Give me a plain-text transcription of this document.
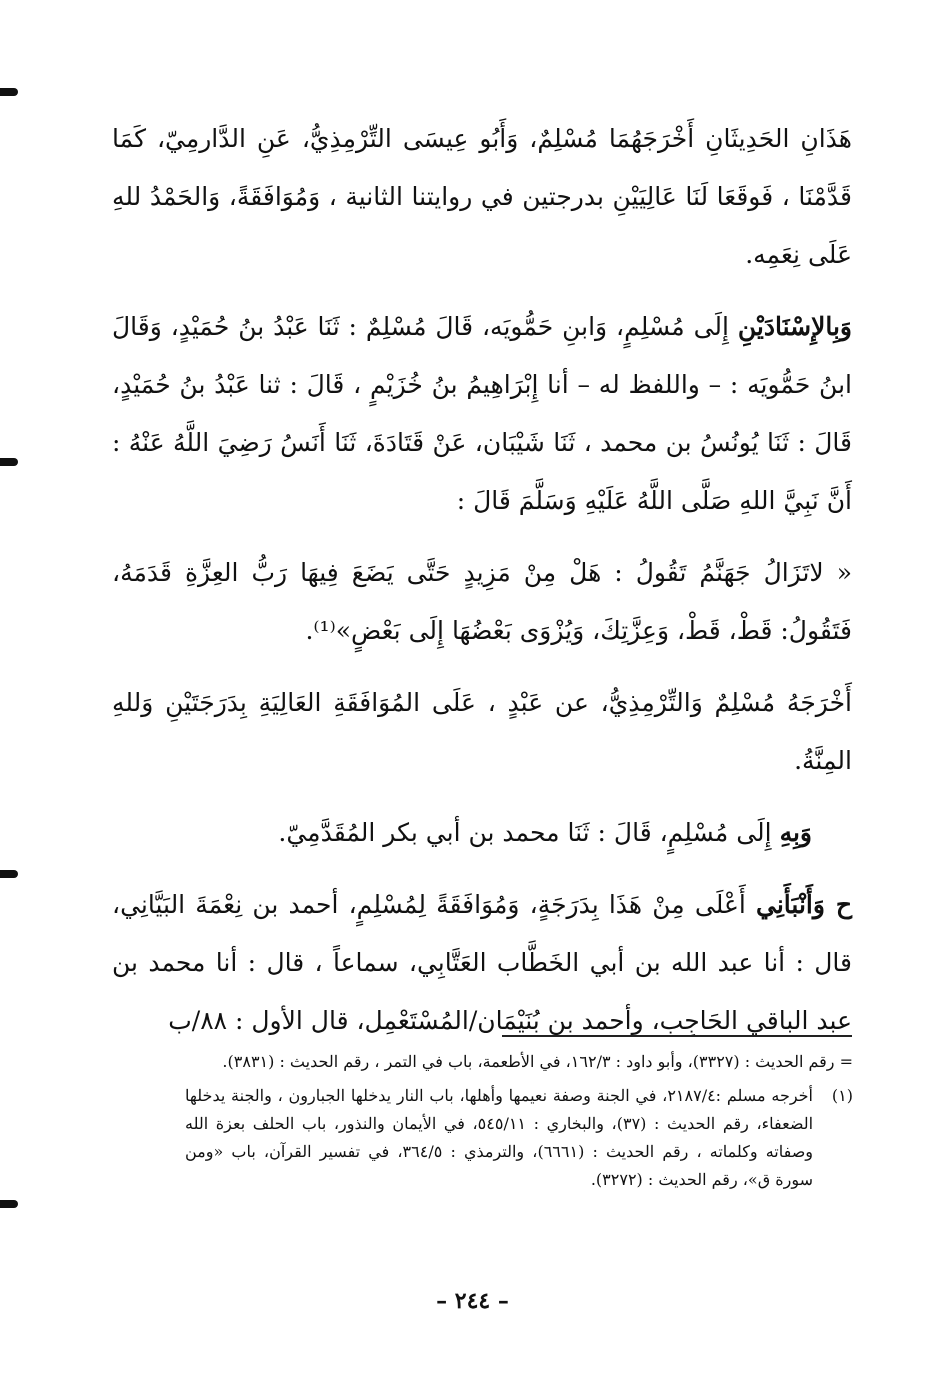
هَذَانِ الحَدِيثَانِ أَخْرَجَهُمَا مُسْلِمٌ، وَأَبُو عِيسَى التِّرْمِذِيُّ، عَنِ الدَّارمِيّ، كَمَا قَدَّمْنَا ، فَوقَعَا لَنَا عَالِيَيْنِ بدرجتين في روايتنا الثانية ، وَمُوَافَقَةً، وَالحَمْدُ للهِ عَلَى نِعَمِه.

وَبِالإِسْنَادَيْنِ إِلَى مُسْلِمٍ، وَابنِ حَمُّويَه، قَالَ مُسْلِمٌ : ثَنَا عَبْدُ بنُ حُمَيْدٍ، وَقَالَ ابنُ حَمُّويَه : – واللفظ له – أنا إِبْرَاهِيمُ بنُ خُزَيْمٍ ، قَالَ : ثنا عَبْدُ بنُ حُمَيْدٍ، قَالَ : ثَنَا يُونُسُ بن محمد ، ثَنَا شَيْبَان، عَنْ قَتَادَةَ، ثَنَا أَنَسُ رَضِيَ اللَّهُ عَنْهُ : أَنَّ نَبِيَّ اللهِ صَلَّى اللَّهُ عَلَيْهِ وَسَلَّمَ قَالَ :

« لاتَزَالُ جَهَنَّمُ تَقُولُ : هَلْ مِنْ مَزِيدٍ حَتَّى يَضَعَ فِيهَا رَبُّ العِزَّةِ قَدَمَهُ، فَتَقُولُ: قَطْ، قَطْ، وَعِزَّتِكَ، وَيُزْوَى بَعْضُهَا إِلَى بَعْضٍ»⁽¹⁾.

أَخْرَجَهُ مُسْلِمٌ وَالتِّرْمِذِيُّ، عن عَبْدٍ ، عَلَى المُوَافَقَةِ العَالِيَةِ بِدَرَجَتَيْنِ وَللهِ المِنَّةُ.

وَبِهِ إِلَى مُسْلِمٍ، قَالَ : ثَنَا محمد بن أبي بكر المُقَدَّمِيّ.

ح وَأَنْبَأَنِي أَعْلَى مِنْ هَذَا بِدَرَجَةٍ، وَمُوَافَقَةً لِمُسْلِمٍ، أحمد بن نِعْمَةَ البَيَّانِي، قال : أنا عبد الله بن أبي الخَطَّاب العَتَّابِي، سماعاً ، قال : أنا محمد بن عبد الباقي الحَاجِب، وأحمد بن بُنَيْمَان/المُسْتَعْمِل، قال الأول : ٨٨/ب

= رقم الحديث : (٣٣٢٧)، وأبو داود : ١٦٢/٣، في الأطعمة، باب في التمر ، رقم الحديث : (٣٨٣١).
(١)
أخرجه مسلم :٢١٨٧/٤، في الجنة وصفة نعيمها وأهلها، باب النار يدخلها الجبارون ، والجنة يدخلها الضعفاء، رقم الحديث : (٣٧)، والبخاري : ٥٤٥/١١، في الأيمان والنذور، باب الحلف بعزة الله وصفاته وكلماته ، رقم الحديث : (٦٦٦١)، والترمذي : ٣٦٤/٥، في تفسير القرآن، باب «ومن سورة ق»، رقم الحديث : (٣٢٧٢).
– ٢٤٤ –
